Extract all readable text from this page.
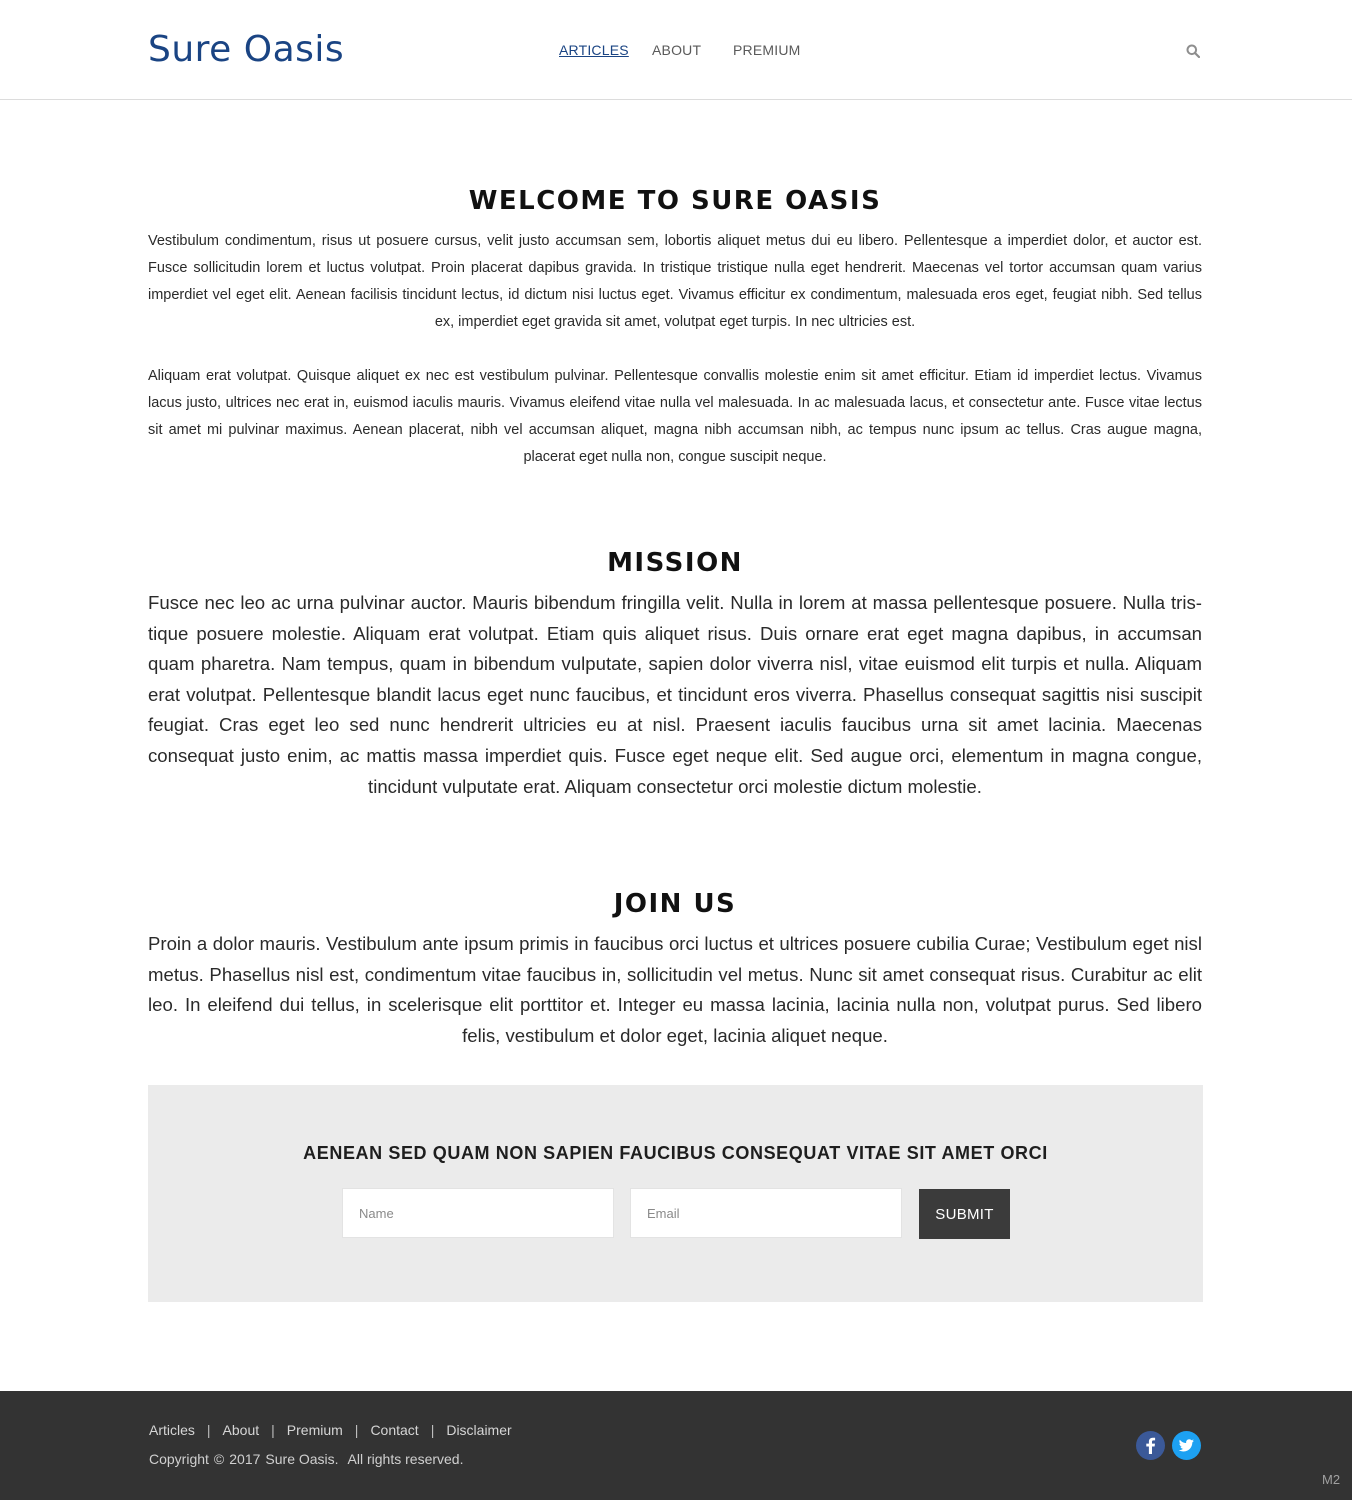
Sure Oasis	ARTICLES ABOUT PREMIUM
WELCOME TO SURE OASIS

Vestibulum condimentum, risus ut posuere cursus, velit justo accumsan sem, lobortis aliquet metus dui eu libero. Pellentesque a imperdiet dolor, et auctor est. Fusce sollicitudin lorem et luctus volutpat. Proin placerat dapibus gravida. In tristique tristique nulla eget hendrerit. Maecenas vel tortor accumsan quam varius imperdiet vel eget elit. Aenean facilisis tincidunt lectus, id dictum nisi luctus eget. Vivamus efficitur ex condimentum, malesuada eros eget, feugiat nibh. Sed tellus ex, imperdiet eget gravida sit amet, volutpat eget turpis. In nec ultricies est.

Aliquam erat volutpat. Quisque aliquet ex nec est vestibulum pulvinar. Pellentesque convallis molestie enim sit amet efficitur. Etiam id imperdiet lectus. Vivamus lacus justo, ultrices nec erat in, euismod iaculis mauris. Vivamus eleifend vitae nulla vel malesuada. In ac malesuada lacus, et consectetur ante. Fusce vitae lectus sit amet mi pulvinar maximus. Aenean placerat, nibh vel accumsan aliquet, magna nibh accumsan nibh, ac tempus nunc ipsum ac tellus. Cras augue magna, placerat eget nulla non, congue suscipit neque.

MISSION

Fusce nec leo ac urna pulvinar auctor. Mauris bibendum fringilla velit. Nulla in lorem at massa pellentesque posuere. Nulla tristique posuere molestie. Aliquam erat volutpat. Etiam quis aliquet risus. Duis ornare erat eget magna dapibus, in accumsan quam pharetra. Nam tempus, quam in bibendum vulputate, sapien dolor viverra nisl, vitae euismod elit turpis et nulla. Aliquam erat volutpat. Pellentesque blandit lacus eget nunc faucibus, et tincidunt eros viverra. Phasellus consequat sagittis nisi suscipit feugiat. Cras eget leo sed nunc hendrerit ultricies eu at nisl. Praesent iaculis faucibus urna sit amet lacinia. Maecenas consequat justo enim, ac mattis massa imperdiet quis. Fusce eget neque elit. Sed augue orci, elementum in magna congue, tincidunt vulputate erat. Aliquam consectetur orci molestie dictum molestie.

JOIN US

Proin a dolor mauris. Vestibulum ante ipsum primis in faucibus orci luctus et ultrices posuere cubilia Curae; Vestibulum eget nisl metus. Phasellus nisl est, condimentum vitae faucibus in, sollicitudin vel metus. Nunc sit amet consequat risus. Curabitur ac elit leo. In eleifend dui tellus, in scelerisque elit porttitor et. Integer eu massa lacinia, lacinia nulla non, volutpat purus. Sed libero felis, vestibulum et dolor eget, lacinia aliquet neque.

AENEAN SED QUAM NON SAPIEN FAUCIBUS CONSEQUAT VITAE SIT AMET ORCI
Name
Email
SUBMIT
Articles | About | Premium | Contact | Disclaimer
Copyright © 2017 Sure Oasis. All rights reserved.
M2
